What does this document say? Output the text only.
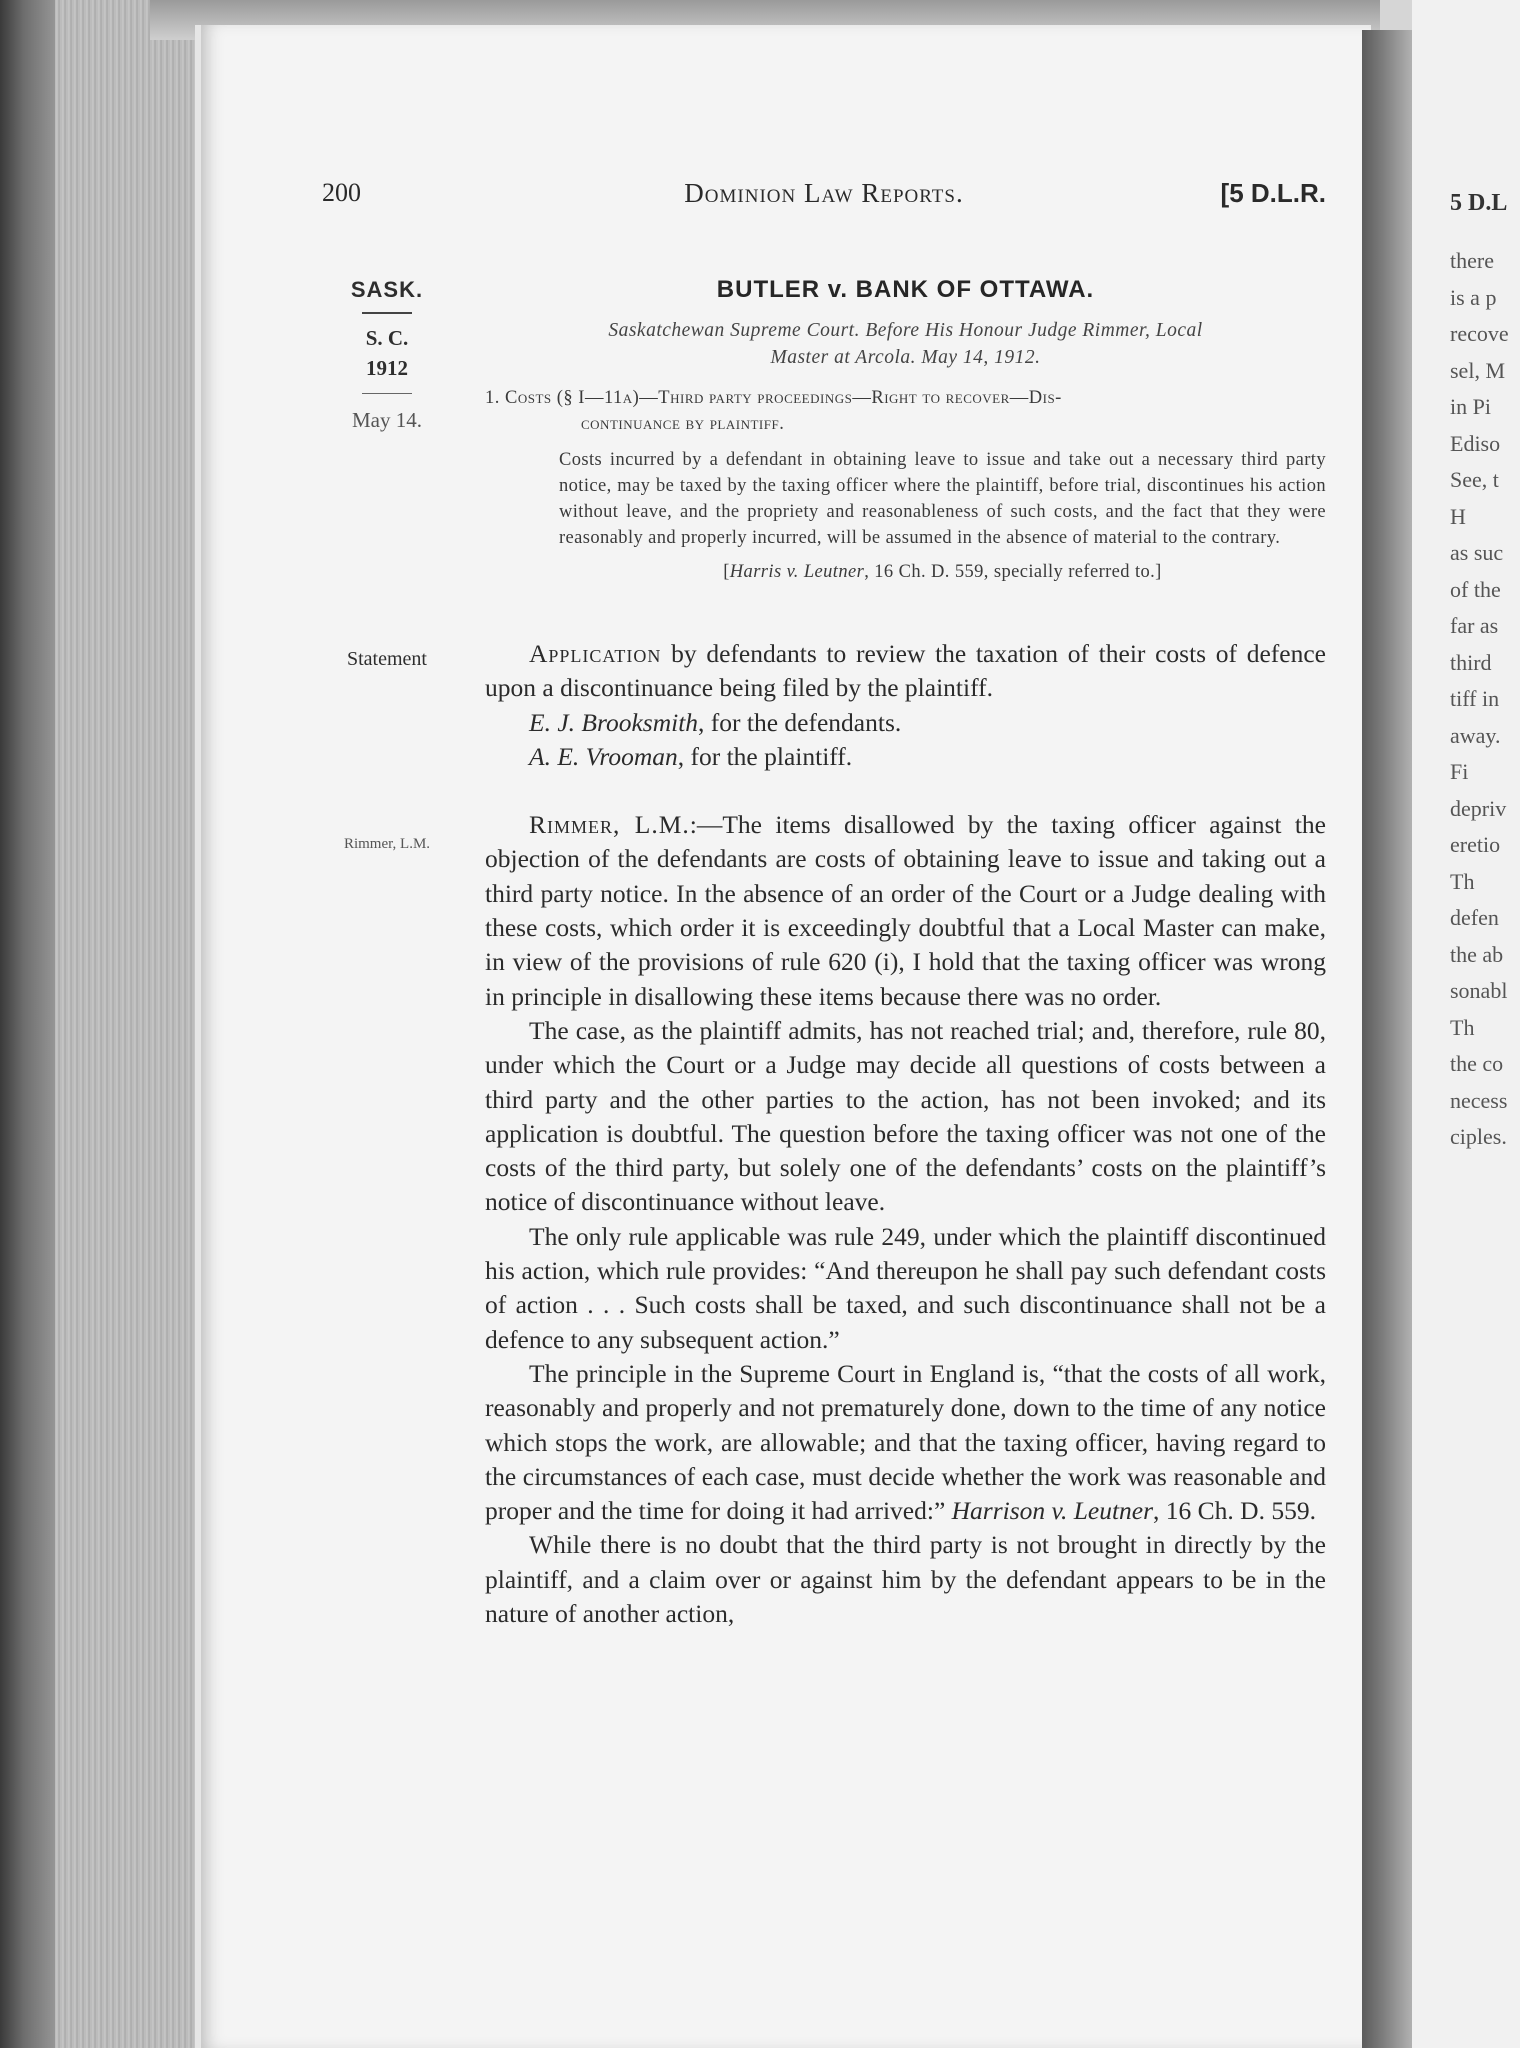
200	Dominion Law Reports.	[5 D.L.R.
SASK.
S. C.
1912
May 14.
Statement
Rimmer, L.M.
BUTLER v. BANK OF OTTAWA.
Saskatchewan Supreme Court. Before His Honour Judge Rimmer, Local
Master at Arcola. May 14, 1912.
1. Costs (§ I—11a)—Third party proceedings—Right to recover—Dis-
continuance by plaintiff.
Costs incurred by a defendant in obtaining leave to issue and take out a necessary third party notice, may be taxed by the taxing officer where the plaintiff, before trial, discontinues his action without leave, and the propriety and reasonableness of such costs, and the fact that they were reasonably and properly incurred, will be assumed in the absence of material to the contrary.
[Harris v. Leutner, 16 Ch. D. 559, specially referred to.]

Application by defendants to review the taxation of their costs of defence upon a discontinuance being filed by the plaintiff.

E. J. Brooksmith, for the defendants.

A. E. Vrooman, for the plaintiff.

Rimmer, L.M.:—The items disallowed by the taxing officer against the objection of the defendants are costs of obtaining leave to issue and taking out a third party notice. In the absence of an order of the Court or a Judge dealing with these costs, which order it is exceedingly doubtful that a Local Master can make, in view of the provisions of rule 620 (i), I hold that the taxing officer was wrong in principle in disallowing these items because there was no order.

The case, as the plaintiff admits, has not reached trial; and, therefore, rule 80, under which the Court or a Judge may decide all questions of costs between a third party and the other parties to the action, has not been invoked; and its application is doubtful. The question before the taxing officer was not one of the costs of the third party, but solely one of the defendants’ costs on the plaintiff’s notice of discontinuance without leave.

The only rule applicable was rule 249, under which the plaintiff discontinued his action, which rule provides: “And thereupon he shall pay such defendant costs of action . . . Such costs shall be taxed, and such discontinuance shall not be a defence to any subsequent action.”

The principle in the Supreme Court in England is, “that the costs of all work, reasonably and properly and not prematurely done, down to the time of any notice which stops the work, are allowable; and that the taxing officer, having regard to the circumstances of each case, must decide whether the work was reasonable and proper and the time for doing it had arrived:” Harrison v. Leutner, 16 Ch. D. 559.

While there is no doubt that the third party is not brought in directly by the plaintiff, and a claim over or against him by the defendant appears to be in the nature of another action,

5 D.L
there
is a p
recove
sel, M
in Pi
Ediso
See, t
H
as suc
of the
far as
third
tiff in
away.
Fi
depriv
eretio
Th
defen
the ab
sonabl
Th
the co
necess
ciples.
